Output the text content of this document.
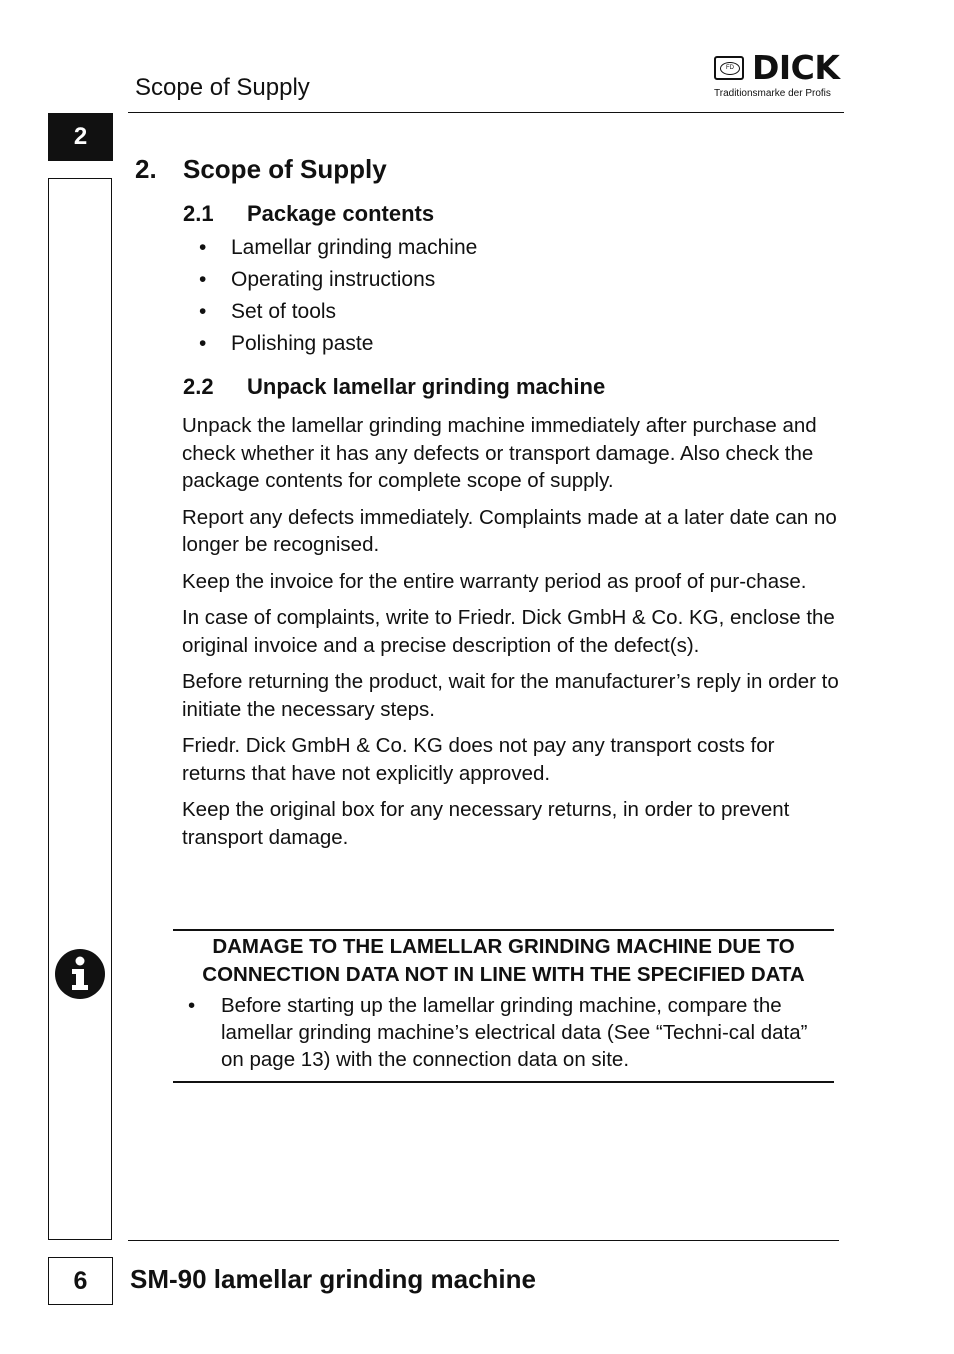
Scope of Supply
FD DICK
Traditionsmarke der Profis
2
2. Scope of Supply
2.1 Package contents
• Lamellar grinding machine
• Operating instructions
• Set of tools
• Polishing paste
2.2 Unpack lamellar grinding machine

Unpack the lamellar grinding machine immediately after purchase and check whether it has any defects or transport damage. Also check the package contents for complete scope of supply.

Report any defects immediately. Complaints made at a later date can no longer be recognised.

Keep the invoice for the entire warranty period as proof of pur-chase.

In case of complaints, write to Friedr. Dick GmbH & Co. KG, enclose the original invoice and a precise description of the defect(s).

Before returning the product, wait for the manufacturer’s reply in order to initiate the necessary steps.

Friedr. Dick GmbH & Co. KG does not pay any transport costs for returns that have not explicitly approved.

Keep the original box for any necessary returns, in order to prevent transport damage.

DAMAGE TO THE LAMELLAR GRINDING MACHINE DUE TO CONNECTION DATA NOT IN LINE WITH THE SPECIFIED DATA
• Before starting up the lamellar grinding machine, compare the lamellar grinding machine’s electrical data (See “Techni-cal data” on page 13) with the connection data on site.
6	SM-90 lamellar grinding machine
